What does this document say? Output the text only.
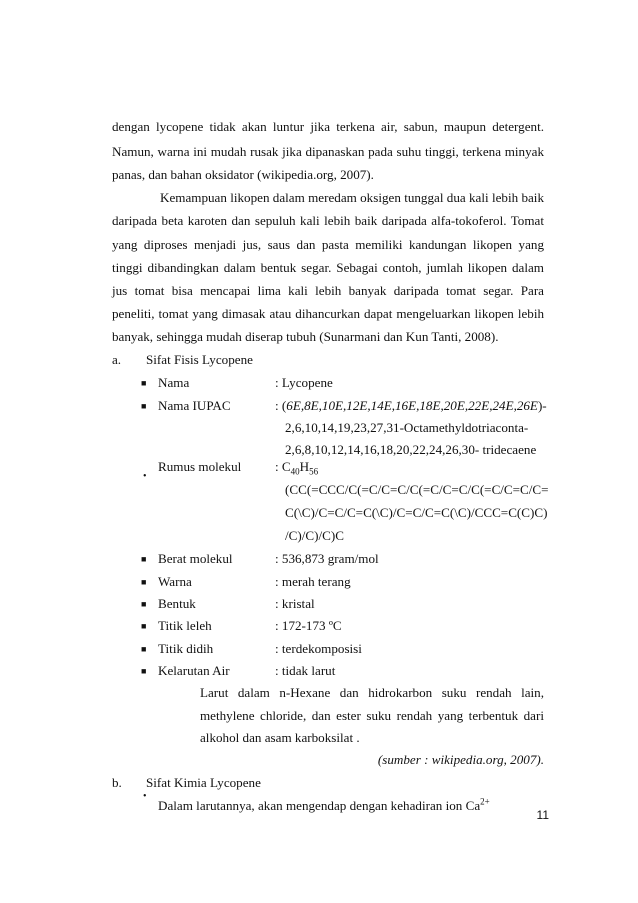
dengan lycopene tidak akan luntur jika terkena air, sabun, maupun detergent.
Namun, warna ini mudah rusak jika dipanaskan pada suhu tinggi, terkena minyak
panas, dan bahan oksidator (wikipedia.org, 2007).
Kemampuan likopen dalam meredam oksigen tunggal dua kali lebih baik
daripada beta karoten dan sepuluh kali lebih baik daripada alfa-tokoferol. Tomat
yang diproses menjadi jus, saus dan pasta memiliki kandungan likopen yang
tinggi dibandingkan dalam bentuk segar. Sebagai contoh, jumlah likopen dalam
jus tomat bisa mencapai lima kali lebih banyak daripada tomat segar. Para
peneliti, tomat yang dimasak atau dihancurkan dapat mengeluarkan likopen lebih
banyak, sehingga mudah diserap tubuh (Sunarmani dan Kun Tanti, 2008).
a. Sifat Fisis Lycopene
■ Nama	: Lycopene
■ Nama IUPAC	: (6E,8E,10E,12E,14E,16E,18E,20E,22E,24E,26E)-
2,6,10,14,19,23,27,31-Octamethyldotriaconta-
2,6,8,10,12,14,16,18,20,22,24,26,30- tridecaene
•
Rumus molekul	: $C_{40}H_{56}$
(CC(=CCC/C(=C/C=C/C(=C/C=C/C(=C/C=C/C=
C(\C)/C=C/C=C(\C)/C=C/C=C(\C)/CCC=C(C)C)
/C)/C)/C)C
■ Berat molekul	: 536,873 gram/mol
■ Warna	: merah terang
■ Bentuk	: kristal
■ Titik leleh	: 172-173 ºC
■ Titik didih	: terdekomposisi
■ Kelarutan Air	: tidak larut
Larut dalam n-Hexane dan hidrokarbon suku rendah lain,
methylene chloride, dan ester suku rendah yang terbentuk dari
alkohol dan asam karboksilat .
(sumber : wikipedia.org, 2007).
b. Sifat Kimia Lycopene
•
Dalam larutannya, akan mengendap dengan kehadiran ion $Ca^{2+}$
11
